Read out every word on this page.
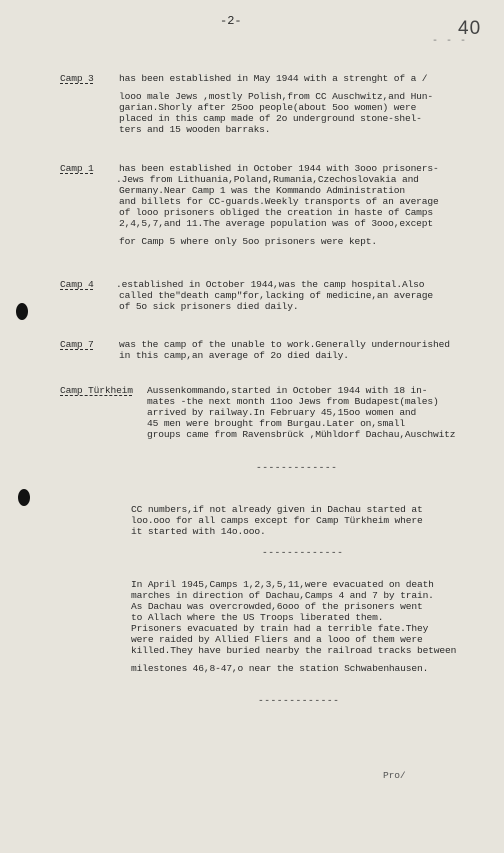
-2-
- - -
40
Camp 3	has been established in May 1944 with a strenght of a /
looo male Jews ,mostly Polish,from CC Auschwitz,and Hun-
garian.Shorly after 25oo people(about 5oo women) were
placed in this camp made of 2o underground stone-shel-
ters and 15 wooden barraks.
Camp 1	has been established in October 1944 with 3ooo prisoners-
.Jews from Lithuania,Poland,Rumania,Czechoslovakia and
Germany.Near Camp 1 was the Kommando Administration
and billets for CC-guards.Weekly transports of an average
of looo prisoners obliged the creation in haste of Camps
2,4,5,7,and 11.The average population was of 3ooo,except
for Camp 5 where only 5oo prisoners were kept.
Camp 4 .established in October 1944,was the camp hospital.Also
called the"death camp"for,lacking of medicine,an average
of 5o sick prisoners died daily.
Camp 7	was the camp of the unable to work.Generally undernourished
in this camp,an average of 2o died daily.
Camp Türkheim Aussenkommando,started in October 1944 with 18 in-
mates -the next month 11oo Jews from Budapest(males)
arrived by railway.In February 45,15oo women and
45 men were brought from Burgau.Later on,small
groups came from Ravensbrück ,Mühldorf Dachau,Auschwitz
-------------
CC numbers,if not already given in Dachau started at
loo.ooo for all camps except for Camp Türkheim where
it started with 14o.ooo.
-------------
In April 1945,Camps 1,2,3,5,11,were evacuated on death
marches in direction of Dachau,Camps 4 and 7 by train.
As Dachau was overcrowded,6ooo of the prisoners went
to Allach where the US Troops liberated them.
Prisoners evacuated by train had a terrible fate.They
were raided by Allied Fliers and a looo of them were
killed.They have buried nearby the railroad tracks between
milestones 46,8-47,o near the station Schwabenhausen.
-------------
Pro/
